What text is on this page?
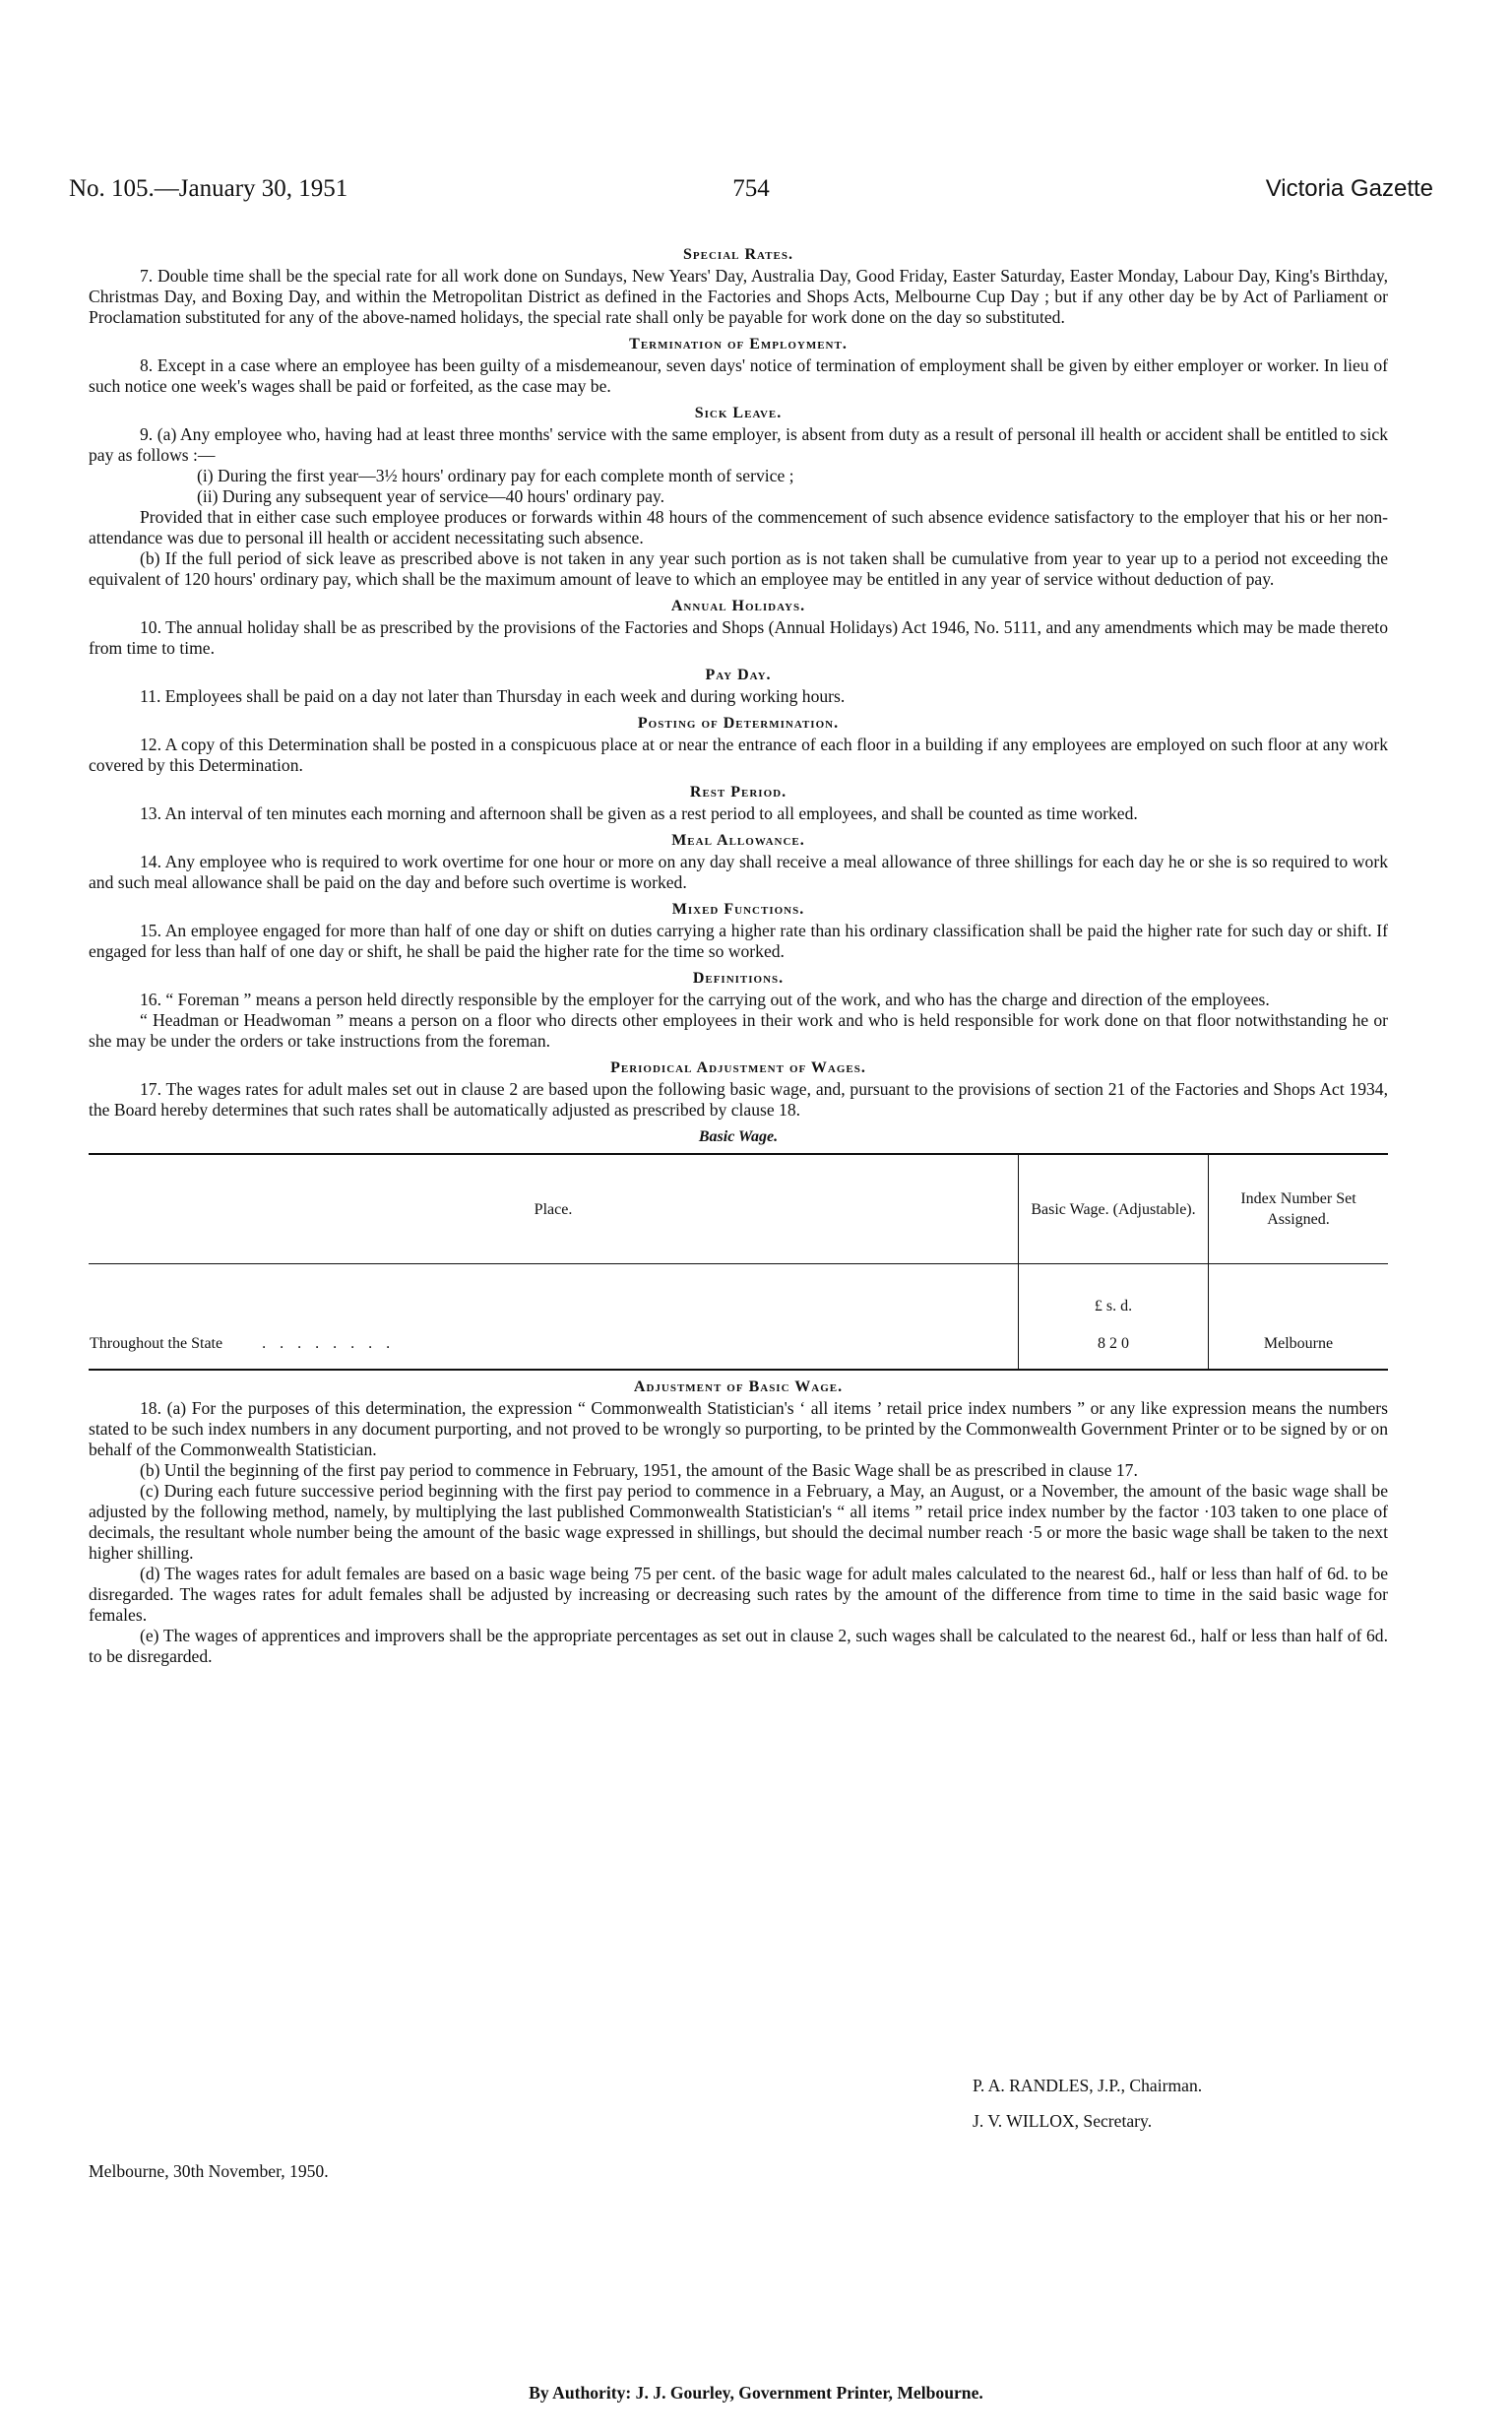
No. 105.—January 30, 1951	754	Victoria Gazette
Special Rates.

7. Double time shall be the special rate for all work done on Sundays, New Years' Day, Australia Day, Good Friday, Easter Saturday, Easter Monday, Labour Day, King's Birthday, Christmas Day, and Boxing Day, and within the Metropolitan District as defined in the Factories and Shops Acts, Melbourne Cup Day ; but if any other day be by Act of Parliament or Proclamation substituted for any of the above-named holidays, the special rate shall only be payable for work done on the day so substituted.

Termination of Employment.

8. Except in a case where an employee has been guilty of a misdemeanour, seven days' notice of termination of employment shall be given by either employer or worker. In lieu of such notice one week's wages shall be paid or forfeited, as the case may be.

Sick Leave.

9. (a) Any employee who, having had at least three months' service with the same employer, is absent from duty as a result of personal ill health or accident shall be entitled to sick pay as follows :—

(i) During the first year—3½ hours' ordinary pay for each complete month of service ;

(ii) During any subsequent year of service—40 hours' ordinary pay.

Provided that in either case such employee produces or forwards within 48 hours of the commencement of such absence evidence satisfactory to the employer that his or her non-attendance was due to personal ill health or accident necessitating such absence.

(b) If the full period of sick leave as prescribed above is not taken in any year such portion as is not taken shall be cumulative from year to year up to a period not exceeding the equivalent of 120 hours' ordinary pay, which shall be the maximum amount of leave to which an employee may be entitled in any year of service without deduction of pay.

Annual Holidays.

10. The annual holiday shall be as prescribed by the provisions of the Factories and Shops (Annual Holidays) Act 1946, No. 5111, and any amendments which may be made thereto from time to time.

Pay Day.

11. Employees shall be paid on a day not later than Thursday in each week and during working hours.

Posting of Determination.

12. A copy of this Determination shall be posted in a conspicuous place at or near the entrance of each floor in a building if any employees are employed on such floor at any work covered by this Determination.

Rest Period.

13. An interval of ten minutes each morning and afternoon shall be given as a rest period to all employees, and shall be counted as time worked.

Meal Allowance.

14. Any employee who is required to work overtime for one hour or more on any day shall receive a meal allowance of three shillings for each day he or she is so required to work and such meal allowance shall be paid on the day and before such overtime is worked.

Mixed Functions.

15. An employee engaged for more than half of one day or shift on duties carrying a higher rate than his ordinary classification shall be paid the higher rate for such day or shift. If engaged for less than half of one day or shift, he shall be paid the higher rate for the time so worked.

Definitions.

16. “ Foreman ” means a person held directly responsible by the employer for the carrying out of the work, and who has the charge and direction of the employees.

“ Headman or Headwoman ” means a person on a floor who directs other employees in their work and who is held responsible for work done on that floor notwithstanding he or she may be under the orders or take instructions from the foreman.

Periodical Adjustment of Wages.

17. The wages rates for adult males set out in clause 2 are based upon the following basic wage, and, pursuant to the provisions of section 21 of the Factories and Shops Act 1934, the Board hereby determines that such rates shall be automatically adjusted as prescribed by clause 18.

Basic Wage.
Place.	Basic Wage. (Adjustable).	Index Number Set Assigned.
	£ s. d.	
Throughout the State ........	8 2 0	Melbourne
Adjustment of Basic Wage.

18. (a) For the purposes of this determination, the expression “ Commonwealth Statistician's ‘ all items ’ retail price index numbers ” or any like expression means the numbers stated to be such index numbers in any document purporting, and not proved to be wrongly so purporting, to be printed by the Commonwealth Government Printer or to be signed by or on behalf of the Commonwealth Statistician.

(b) Until the beginning of the first pay period to commence in February, 1951, the amount of the Basic Wage shall be as prescribed in clause 17.

(c) During each future successive period beginning with the first pay period to commence in a February, a May, an August, or a November, the amount of the basic wage shall be adjusted by the following method, namely, by multiplying the last published Commonwealth Statistician's “ all items ” retail price index number by the factor ·103 taken to one place of decimals, the resultant whole number being the amount of the basic wage expressed in shillings, but should the decimal number reach ·5 or more the basic wage shall be taken to the next higher shilling.

(d) The wages rates for adult females are based on a basic wage being 75 per cent. of the basic wage for adult males calculated to the nearest 6d., half or less than half of 6d. to be disregarded. The wages rates for adult females shall be adjusted by increasing or decreasing such rates by the amount of the difference from time to time in the said basic wage for females.

(e) The wages of apprentices and improvers shall be the appropriate percentages as set out in clause 2, such wages shall be calculated to the nearest 6d., half or less than half of 6d. to be disregarded.

P. A. RANDLES, J.P., Chairman.
J. V. WILLOX, Secretary.
Melbourne, 30th November, 1950.
By Authority: J. J. Gourley, Government Printer, Melbourne.
